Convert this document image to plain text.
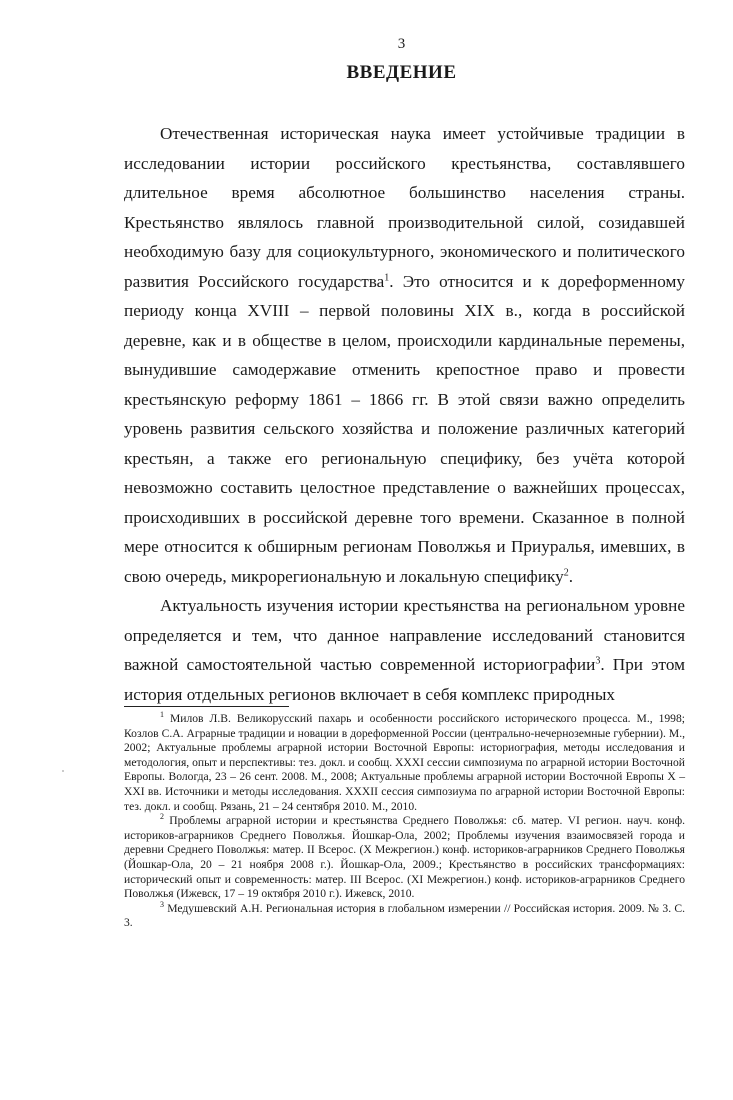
3
ВВЕДЕНИЕ

Отечественная историческая наука имеет устойчивые традиции в исследовании истории российского крестьянства, составлявшего длительное время абсолютное большинство населения страны. Крестьянство являлось главной производительной силой, созидавшей необходимую базу для социокультурного, экономического и политического развития Российского государства$^1$. Это относится и к дореформенному периоду конца XVIII – первой половины XIX в., когда в российской деревне, как и в обществе в целом, происходили кардинальные перемены, вынудившие самодержавие отменить крепостное право и провести крестьянскую реформу 1861 – 1866 гг. В этой связи важно определить уровень развития сельского хозяйства и положение различных категорий крестьян, а также его региональную специфику, без учёта которой невозможно составить целостное представление о важнейших процессах, происходивших в российской деревне того времени. Сказанное в полной мере относится к обширным регионам Поволжья и Приуралья, имевших, в свою очередь, микрорегиональную и локальную специфику$^2$.

Актуальность изучения истории крестьянства на региональном уровне определяется и тем, что данное направление исследований становится важной самостоятельной частью современной историографии$^3$. При этом история отдельных регионов включает в себя комплекс природных

$^1$ Милов Л.В. Великорусский пахарь и особенности российского исторического процесса. М., 1998; Козлов С.А. Аграрные традиции и новации в дореформенной России (центрально-нечерноземные губернии). М., 2002; Актуальные проблемы аграрной истории Восточной Европы: историография, методы исследования и методология, опыт и перспективы: тез. докл. и сообщ. XXXI сессии симпозиума по аграрной истории Восточной Европы. Вологда, 23 – 26 сент. 2008. М., 2008; Актуальные проблемы аграрной истории Восточной Европы X – XXI вв. Источники и методы исследования. XXXII сессия симпозиума по аграрной истории Восточной Европы: тез. докл. и сообщ. Рязань, 21 – 24 сентября 2010. М., 2010.

$^2$ Проблемы аграрной истории и крестьянства Среднего Поволжья: сб. матер. VI регион. науч. конф. историков-аграрников Среднего Поволжья. Йошкар-Ола, 2002; Проблемы изучения взаимосвязей города и деревни Среднего Поволжья: матер. II Всерос. (X Межрегион.) конф. историков-аграрников Среднего Поволжья (Йошкар-Ола, 20 – 21 ноября 2008 г.). Йошкар-Ола, 2009.; Крестьянство в российских трансформациях: исторический опыт и современность: матер. III Всерос. (XI Межрегион.) конф. историков-аграрников Среднего Поволжья (Ижевск, 17 – 19 октября 2010 г.). Ижевск, 2010.

$^3$ Медушевский А.Н. Региональная история в глобальном измерении // Российская история. 2009. № 3. С. 3.
